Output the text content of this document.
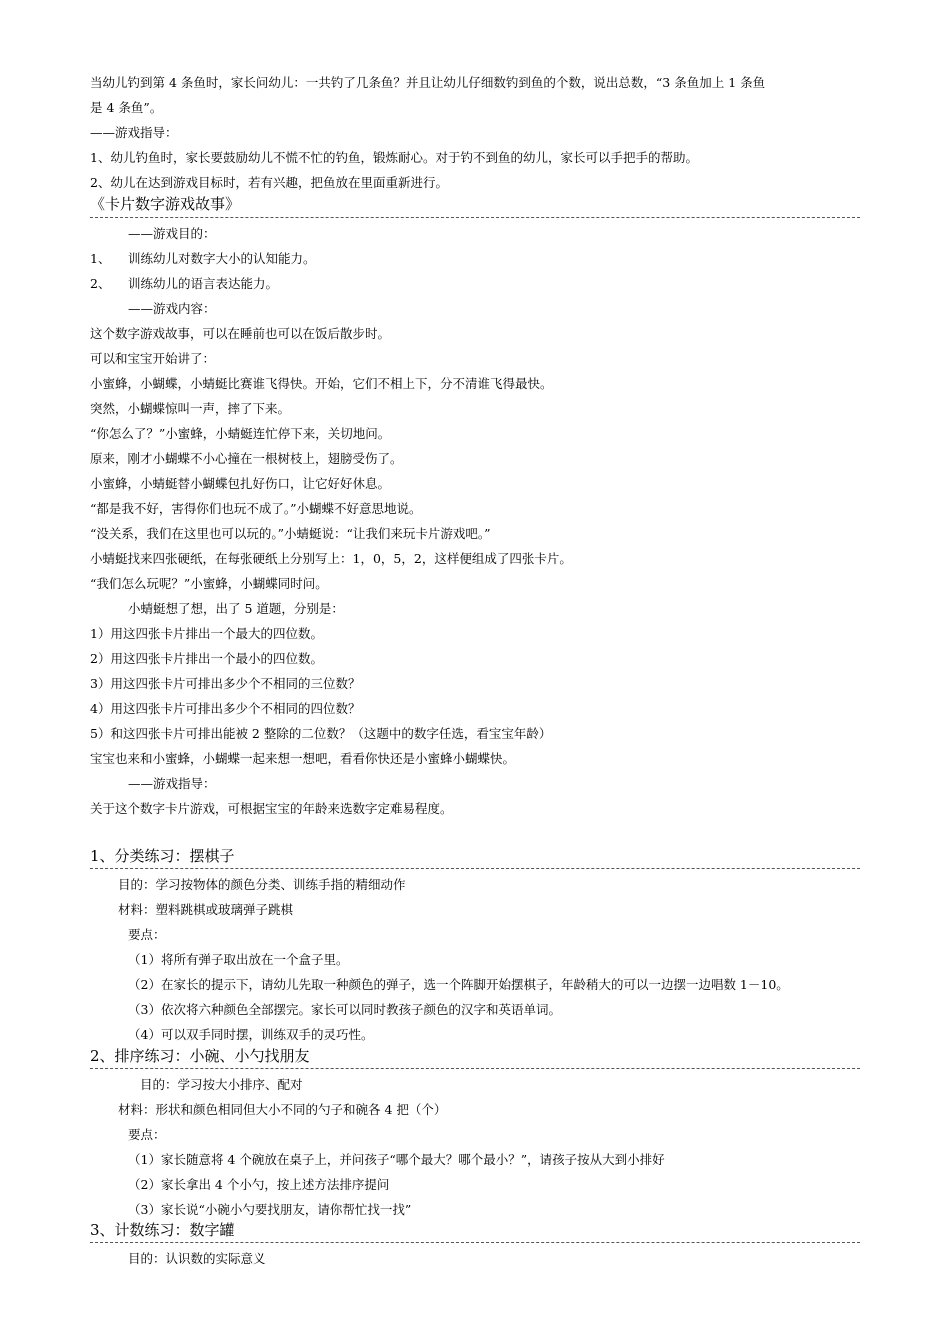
当幼儿钓到第 4 条鱼时，家长问幼儿：一共钓了几条鱼？并且让幼儿仔细数钓到鱼的个数，说出总数，“3 条鱼加上 1 条鱼
是 4 条鱼”。
——游戏指导：
1、幼儿钓鱼时，家长要鼓励幼儿不慌不忙的钓鱼，锻炼耐心。对于钓不到鱼的幼儿，家长可以手把手的帮助。
2、幼儿在达到游戏目标时，若有兴趣，把鱼放在里面重新进行。
《卡片数字游戏故事》
——游戏目的：
1、 训练幼儿对数字大小的认知能力。
2、 训练幼儿的语言表达能力。
——游戏内容：
这个数字游戏故事，可以在睡前也可以在饭后散步时。
可以和宝宝开始讲了：
小蜜蜂，小蝴蝶，小蜻蜓比赛谁飞得快。开始，它们不相上下，分不清谁飞得最快。
突然，小蝴蝶惊叫一声，摔了下来。
“你怎么了？”小蜜蜂，小蜻蜓连忙停下来，关切地问。
原来，刚才小蝴蝶不小心撞在一根树枝上，翅膀受伤了。
小蜜蜂，小蜻蜓替小蝴蝶包扎好伤口，让它好好休息。
“都是我不好，害得你们也玩不成了。”小蝴蝶不好意思地说。
“没关系，我们在这里也可以玩的。”小蜻蜓说：“让我们来玩卡片游戏吧。”
小蜻蜓找来四张硬纸，在每张硬纸上分别写上：1，0，5，2，这样便组成了四张卡片。
“我们怎么玩呢？”小蜜蜂，小蝴蝶同时问。
小蜻蜓想了想，出了 5 道题，分别是：
1）用这四张卡片排出一个最大的四位数。
2）用这四张卡片排出一个最小的四位数。
3）用这四张卡片可排出多少个不相同的三位数？
4）用这四张卡片可排出多少个不相同的四位数？
5）和这四张卡片可排出能被 2 整除的二位数？（这题中的数字任选，看宝宝年龄）
宝宝也来和小蜜蜂，小蝴蝶一起来想一想吧，看看你快还是小蜜蜂小蝴蝶快。
——游戏指导：
关于这个数字卡片游戏，可根据宝宝的年龄来选数字定难易程度。
1、分类练习：摆棋子
目的：学习按物体的颜色分类、训练手指的精细动作
材料：塑料跳棋或玻璃弹子跳棋
要点：
（1）将所有弹子取出放在一个盒子里。
（2）在家长的提示下，请幼儿先取一种颜色的弹子，选一个阵脚开始摆棋子，年龄稍大的可以一边摆一边唱数 1－10。
（3）依次将六种颜色全部摆完。家长可以同时教孩子颜色的汉字和英语单词。
（4）可以双手同时摆，训练双手的灵巧性。
2、排序练习：小碗、小勺找朋友
目的：学习按大小排序、配对
材料：形状和颜色相同但大小不同的勺子和碗各 4 把（个）
要点：
（1）家长随意将 4 个碗放在桌子上，并问孩子“哪个最大？哪个最小？”，请孩子按从大到小排好
（2）家长拿出 4 个小勺，按上述方法排序提问
（3）家长说“小碗小勺要找朋友，请你帮忙找一找”
3、计数练习：数字罐
目的：认识数的实际意义
